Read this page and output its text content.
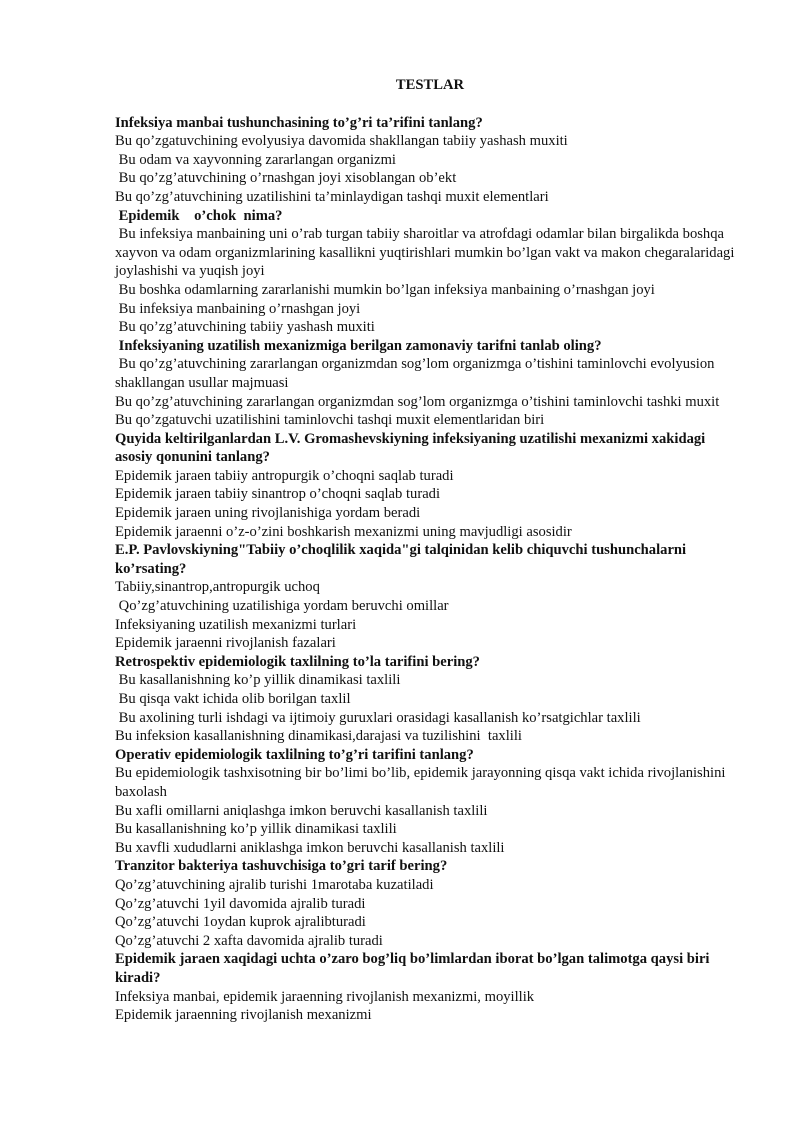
TESTLAR

Infeksiya manbai tushunchasining to’g’ri ta’rifini tanlang?

Bu qo’zgatuvchining evolyusiya davomida shakllangan tabiiy yashash muxiti

Bu odam va xayvonning zararlangan organizmi

Bu qo’zg’atuvchining o’rnashgan joyi xisoblangan ob’ekt

Bu qo’zg’atuvchining uzatilishini ta’minlaydigan tashqi muxit elementlari

Epidemik    o’chok  nima?

Bu infeksiya manbaining uni o’rab turgan tabiiy sharoitlar va atrofdagi odamlar bilan birgalikda boshqa xayvon va odam organizmlarining kasallikni yuqtirishlari mumkin bo’lgan vakt va makon chegaralaridagi joylashishi va yuqish joyi

Bu boshka odamlarning zararlanishi mumkin bo’lgan infeksiya manbaining o’rnashgan joyi

Bu infeksiya manbaining o’rnashgan joyi

Bu qo’zg’atuvchining tabiiy yashash muxiti

Infeksiyaning uzatilish mexanizmiga berilgan zamonaviy tarifni tanlab oling?

Bu qo’zg’atuvchining zararlangan organizmdan sog’lom organizmga o’tishini taminlovchi evolyusion shakllangan usullar majmuasi

Bu qo’zg’atuvchining zararlangan organizmdan sog’lom organizmga o’tishini taminlovchi tashki muxit

Bu qo’zgatuvchi uzatilishini taminlovchi tashqi muxit elementlaridan biri

Quyida keltirilganlardan L.V. Gromashevskiyning infeksiyaning uzatilishi mexanizmi xakidagi asosiy qonunini tanlang?

Epidemik jaraen tabiiy antropurgik o’choqni saqlab turadi

Epidemik jaraen tabiiy sinantrop o’choqni saqlab turadi

Epidemik jaraen uning rivojlanishiga yordam beradi

Epidemik jaraenni o’z-o’zini boshkarish mexanizmi uning mavjudligi asosidir

E.P. Pavlovskiyning"Tabiiy o’choqlilik xaqida"gi talqinidan kelib chiquvchi tushunchalarni ko’rsating?

Tabiiy,sinantrop,antropurgik uchoq

Qo’zg’atuvchining uzatilishiga yordam beruvchi omillar

Infeksiyaning uzatilish mexanizmi turlari

Epidemik jaraenni rivojlanish fazalari

Retrospektiv epidemiologik taxlilning to’la tarifini bering?

Bu kasallanishning ko’p yillik dinamikasi taxlili

Bu qisqa vakt ichida olib borilgan taxlil

Bu axolining turli ishdagi va ijtimoiy guruxlari orasidagi kasallanish ko’rsatgichlar taxlili

Bu infeksion kasallanishning dinamikasi,darajasi va tuzilishini  taxlili

Operativ epidemiologik taxlilning to’g’ri tarifini tanlang?

Bu epidemiologik tashxisotning bir bo’limi bo’lib, epidemik jarayonning qisqa vakt ichida rivojlanishini baxolash

Bu xafli omillarni aniqlashga imkon beruvchi kasallanish taxlili

Bu kasallanishning ko’p yillik dinamikasi taxlili

Bu xavfli xududlarni aniklashga imkon beruvchi kasallanish taxlili

Tranzitor bakteriya tashuvchisiga to’gri tarif bering?

Qo’zg’atuvchining ajralib turishi 1marotaba kuzatiladi

Qo’zg’atuvchi 1yil davomida ajralib turadi

Qo’zg’atuvchi 1oydan kuprok ajralibturadi

Qo’zg’atuvchi 2 xafta davomida ajralib turadi

Epidemik jaraen xaqidagi uchta o’zaro bog’liq bo’limlardan iborat bo’lgan talimotga qaysi biri kiradi?

Infeksiya manbai, epidemik jaraenning rivojlanish mexanizmi, moyillik

Epidemik jaraenning rivojlanish mexanizmi
